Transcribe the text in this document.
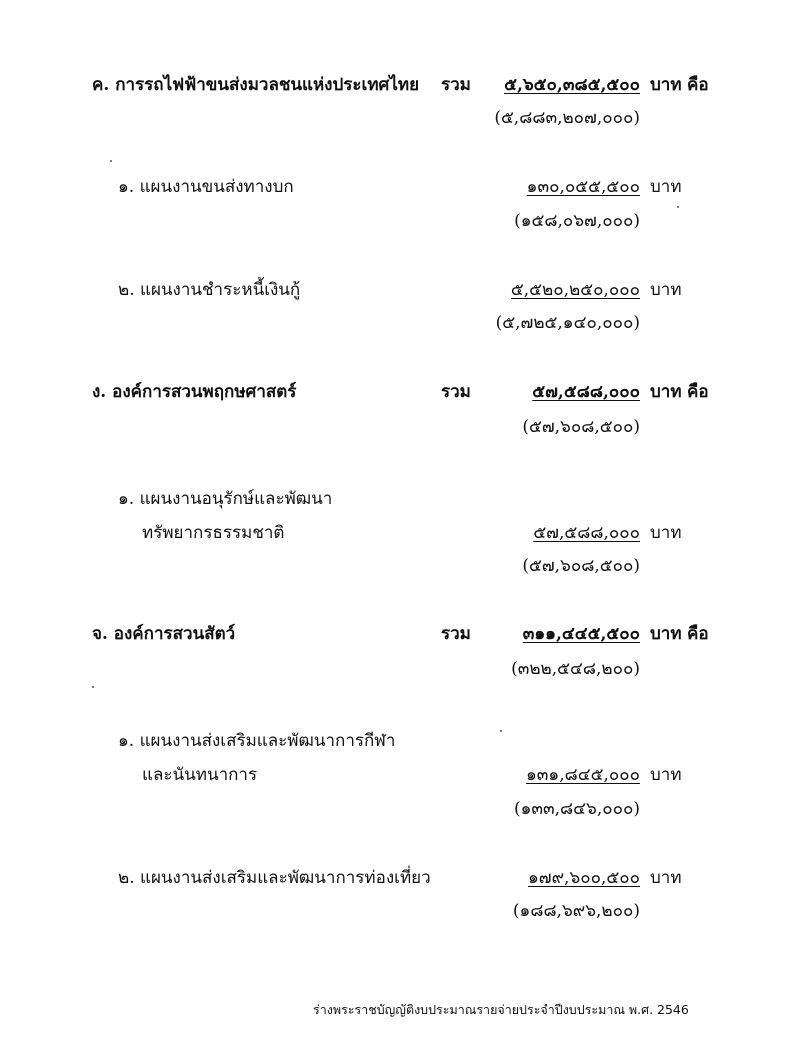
ค. การรถไฟฟ้าขนส่งมวลชนแห่งประเทศไทย รวม ๕,๖๕๐,๓๘๕,๕๐๐ บาท คือ
(๕,๘๘๓,๒๐๗,๐๐๐)
๑. แผนงานขนส่งทางบก	๑๓๐,๐๕๕,๕๐๐ บาท
(๑๕๘,๐๖๗,๐๐๐)
๒. แผนงานชำระหนี้เงินกู้	๕,๕๒๐,๒๕๐,๐๐๐ บาท
(๕,๗๒๕,๑๔๐,๐๐๐)
ง. องค์การสวนพฤกษศาสตร์	รวม	๕๗,๕๘๘,๐๐๐ บาท คือ
(๕๗,๖๐๘,๕๐๐)
๑. แผนงานอนุรักษ์และพัฒนา
ทรัพยากรธรรมชาติ	๕๗,๕๘๘,๐๐๐ บาท
(๕๗,๖๐๘,๕๐๐)
จ. องค์การสวนสัตว์	รวม	๓๑๑,๔๔๕,๕๐๐ บาท คือ
(๓๒๒,๕๔๘,๒๐๐)
๑. แผนงานส่งเสริมและพัฒนาการกีฬา
และนันทนาการ	๑๓๑,๘๔๕,๐๐๐ บาท
(๑๓๓,๘๔๖,๐๐๐)
๒. แผนงานส่งเสริมและพัฒนาการท่องเที่ยว	๑๗๙,๖๐๐,๕๐๐ บาท
(๑๘๘,๖๙๖,๒๐๐)
ร่างพระราชบัญญัติงบประมาณรายจ่ายประจำปีงบประมาณ พ.ศ. 2546
